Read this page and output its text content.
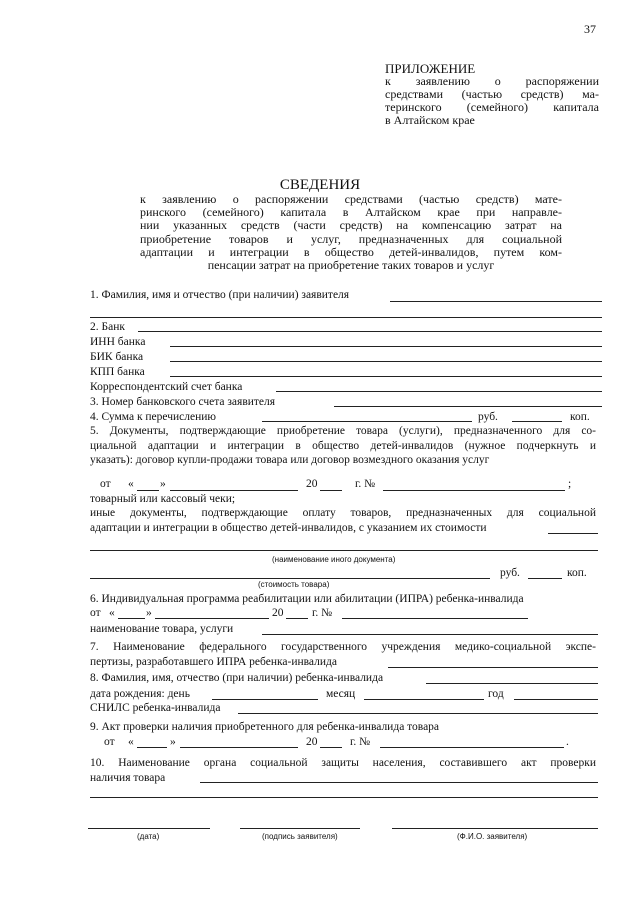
37
ПРИЛОЖЕНИЕ
к заявлению о распоряжении
средствами (частью средств) ма-
теринского (семейного) капитала
в Алтайском крае
СВЕДЕНИЯ
к заявлению о распоряжении средствами (частью средств) мате-
ринского (семейного) капитала в Алтайском крае при направле-
нии указанных средств (части средств) на компенсацию затрат на
приобретение товаров и услуг, предназначенных для социальной
адаптации и интеграции в общество детей-инвалидов, путем ком-
пенсации затрат на приобретение таких товаров и услуг
1. Фамилия, имя и отчество (при наличии) заявителя
2. Банк
ИНН банка
БИК банка
КПП банка
Корреспондентский счет банка
3. Номер банковского счета заявителя
4. Сумма к перечислению	руб.	коп.
5. Документы, подтверждающие приобретение товара (услуги), предназначенного для со-
циальной адаптации и интеграции в общество детей-инвалидов (нужное подчеркнуть и
указать): договор купли-продажи товара или договор возмездного оказания услуг
от « »	20	г. №	;
товарный или кассовый чеки;
иные документы, подтверждающие оплату товаров, предназначенных для социальной
адаптации и интеграции в общество детей-инвалидов, с указанием их стоимости
(наименование иного документа)
руб.	коп.
(стоимость товара)
6. Индивидуальная программа реабилитации или абилитации (ИПРА) ребенка-инвалида
от «	»	20 г. №
наименование товара, услуги
7. Наименование федерального государственного учреждения медико-социальной экспе-
пертизы, разработавшего ИПРА ребенка-инвалида
8. Фамилия, имя, отчество (при наличии) ребенка-инвалида
дата рождения: день	месяц	год
СНИЛС ребенка-инвалида
9. Акт проверки наличия приобретенного для ребенка-инвалида товара
от «	»	20	г. №	.
10. Наименование органа социальной защиты населения, составившего акт проверки
наличия товара
(дата)	(подпись заявителя)	(Ф.И.О. заявителя)
